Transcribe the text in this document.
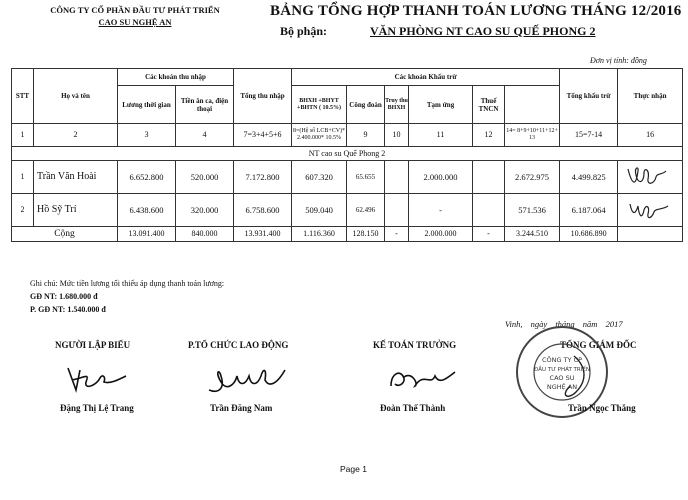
CÔNG TY CỔ PHẦN ĐẦU TƯ PHÁT TRIỂN
CAO SU NGHỆ AN
BẢNG TỔNG HỢP THANH TOÁN LƯƠNG THÁNG 12/2016
Bộ phận:	VĂN PHÒNG NT CAO SU QUẾ PHONG 2
Đơn vị tính: đồng
STT	Họ và tên	Các khoản thu nhập		Tổng thu nhập	Các khoản Khấu trừ						Tổng khấu trừ	Thực nhận	
		Lương thời gian	Tiền ăn ca, điện thoại		BHXH +BHYT +BHTN ( 10.5%)	Công đoàn	Truy thu BHXH	Tạm ứng	Thuế TNCN				
1	2	3	4	7=3+4+5+6	8=(Hệ số LCB+CV)* 2.400.000* 10.5%	9	10	11	12	14= 8+9+10+11+12+ 13	15=7-14	16	
NT cao su Quế Phong 2													
1	Trần Văn Hoài	6.652.800	520.000	7.172.800	607.320	65.655		2.000.000		2.672.975	4.499.825	

2	Hồ Sỹ Trí	6.438.600	320.000	6.758.600	509.040	62.496		-		571.536	6.187.064	

Cộng		13.091.400	840.000	13.931.400	1.116.360	128.150	-	2.000.000	-	3.244.510	10.686.890		
Ghi chú: Mức tiền lương tối thiểu áp dụng thanh toán lương:
GĐ NT: 1.680.000 đ
P. GĐ NT: 1.540.000 đ
Vinh, ngày tháng năm 2017
NGƯỜI LẬP BIỂU	P.TỔ CHỨC LAO ĐỘNG	KẾ TOÁN TRƯỞNG	TỔNG GIÁM ĐỐC
CÔNG TY CP
ĐẦU TƯ PHÁT TRIỂN
CAO SU
NGHỆ AN
Đặng Thị Lệ Trang	Trần Đăng Nam	Đoàn Thế Thành	Trần Ngọc Thắng
Page 1
